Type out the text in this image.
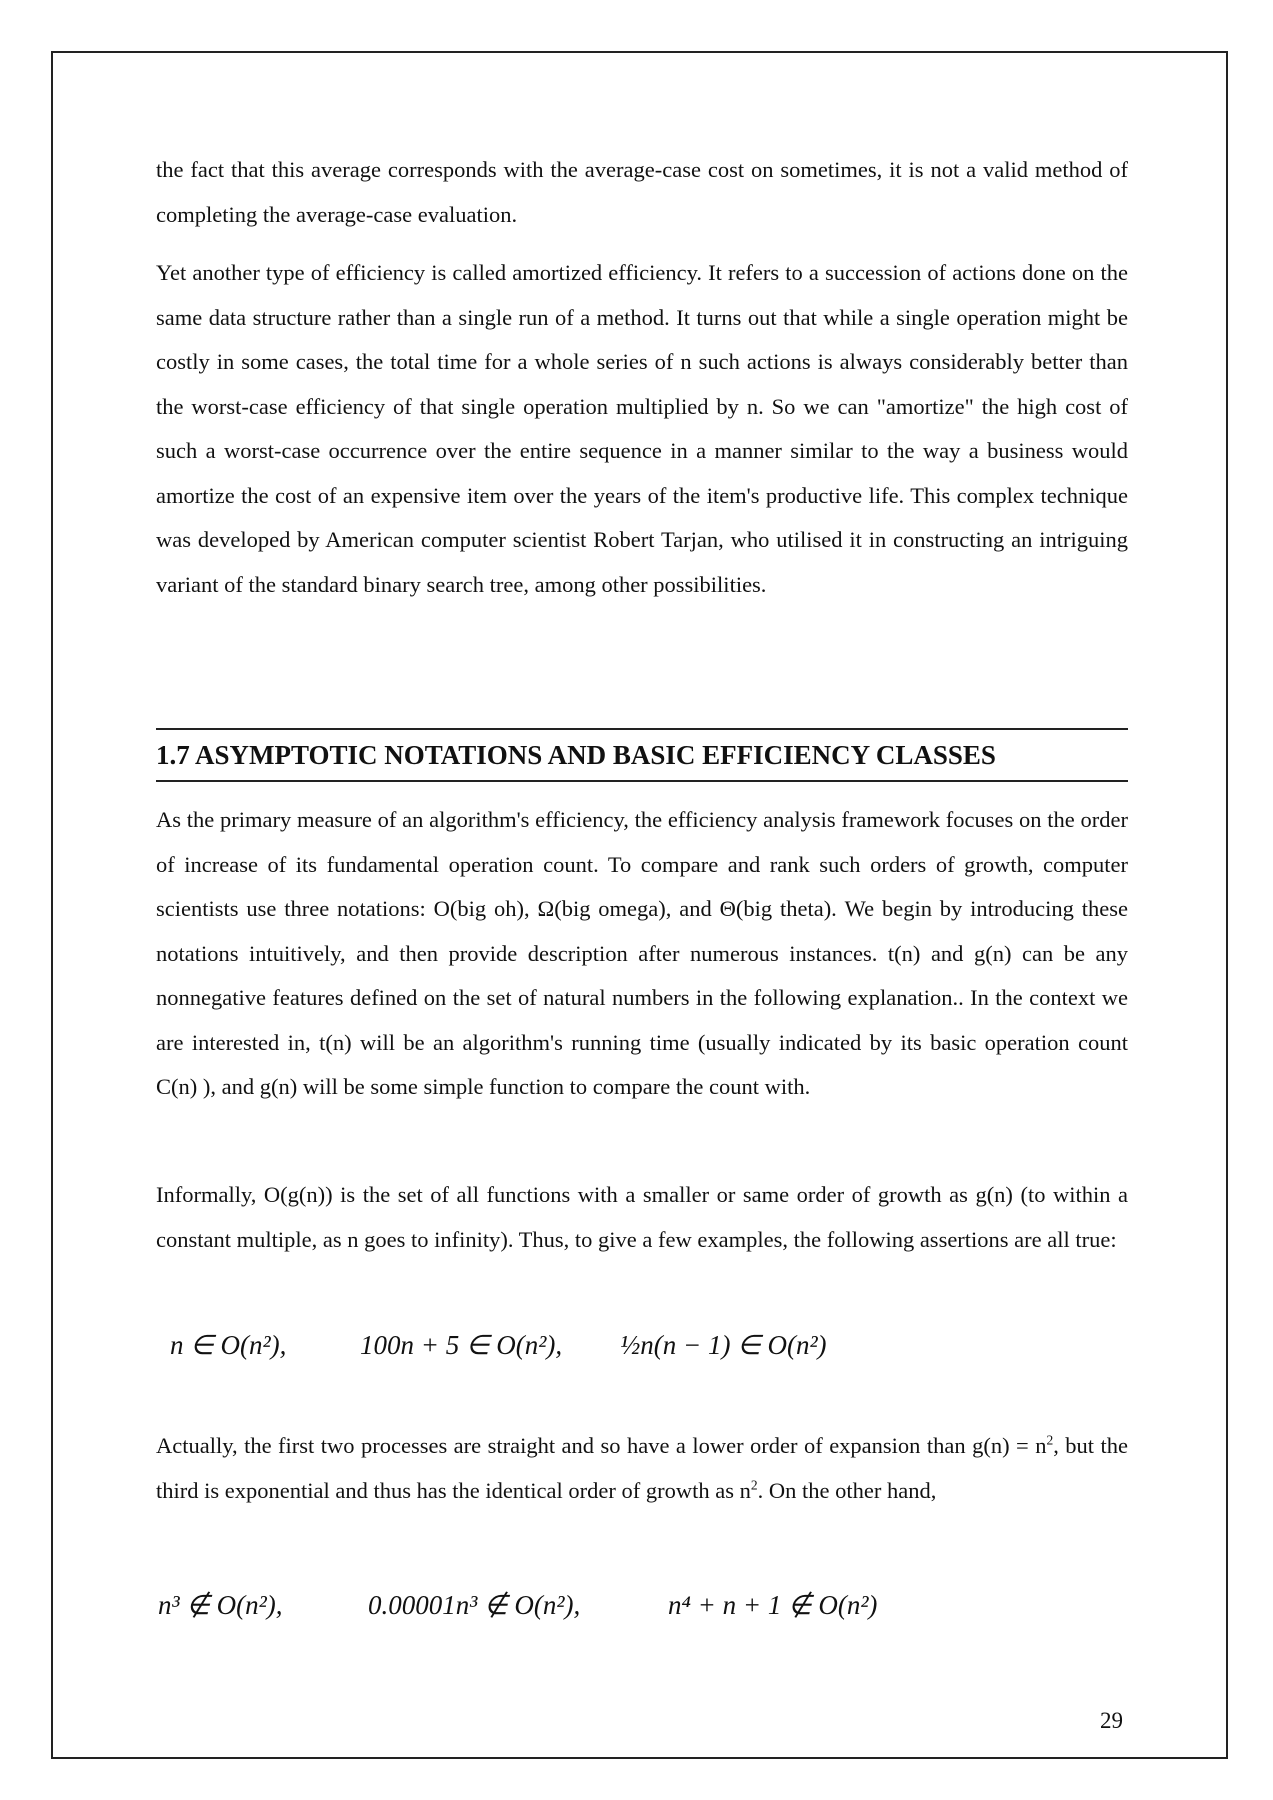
the fact that this average corresponds with the average-case cost on sometimes, it is not a valid method of completing the average-case evaluation.
Yet another type of efficiency is called amortized efficiency. It refers to a succession of actions done on the same data structure rather than a single run of a method. It turns out that while a single operation might be costly in some cases, the total time for a whole series of n such actions is always considerably better than the worst-case efficiency of that single operation multiplied by n. So we can "amortize" the high cost of such a worst-case occurrence over the entire sequence in a manner similar to the way a business would amortize the cost of an expensive item over the years of the item's productive life. This complex technique was developed by American computer scientist Robert Tarjan, who utilised it in constructing an intriguing variant of the standard binary search tree, among other possibilities.
1.7 ASYMPTOTIC NOTATIONS AND BASIC EFFICIENCY CLASSES
As the primary measure of an algorithm's efficiency, the efficiency analysis framework focuses on the order of increase of its fundamental operation count. To compare and rank such orders of growth, computer scientists use three notations: O(big oh), Ω(big omega), and Θ(big theta). We begin by introducing these notations intuitively, and then provide description after numerous instances. t(n) and g(n) can be any nonnegative features defined on the set of natural numbers in the following explanation.. In the context we are interested in, t(n) will be an algorithm's running time (usually indicated by its basic operation count C(n) ), and g(n) will be some simple function to compare the count with.
Informally, O(g(n)) is the set of all functions with a smaller or same order of growth as g(n) (to within a constant multiple, as n goes to infinity). Thus, to give a few examples, the following assertions are all true:
n ∈ O(n²),	100n + 5 ∈ O(n²), ½n(n − 1) ∈ O(n²)
Actually, the first two processes are straight and so have a lower order of expansion than $g(n) = n^2$, but the third is exponential and thus has the identical order of growth as $n^2$. On the other hand,
n³ ∉ O(n²),	0.00001n³ ∉ O(n²),	n⁴ + n + 1 ∉ O(n²)
29
